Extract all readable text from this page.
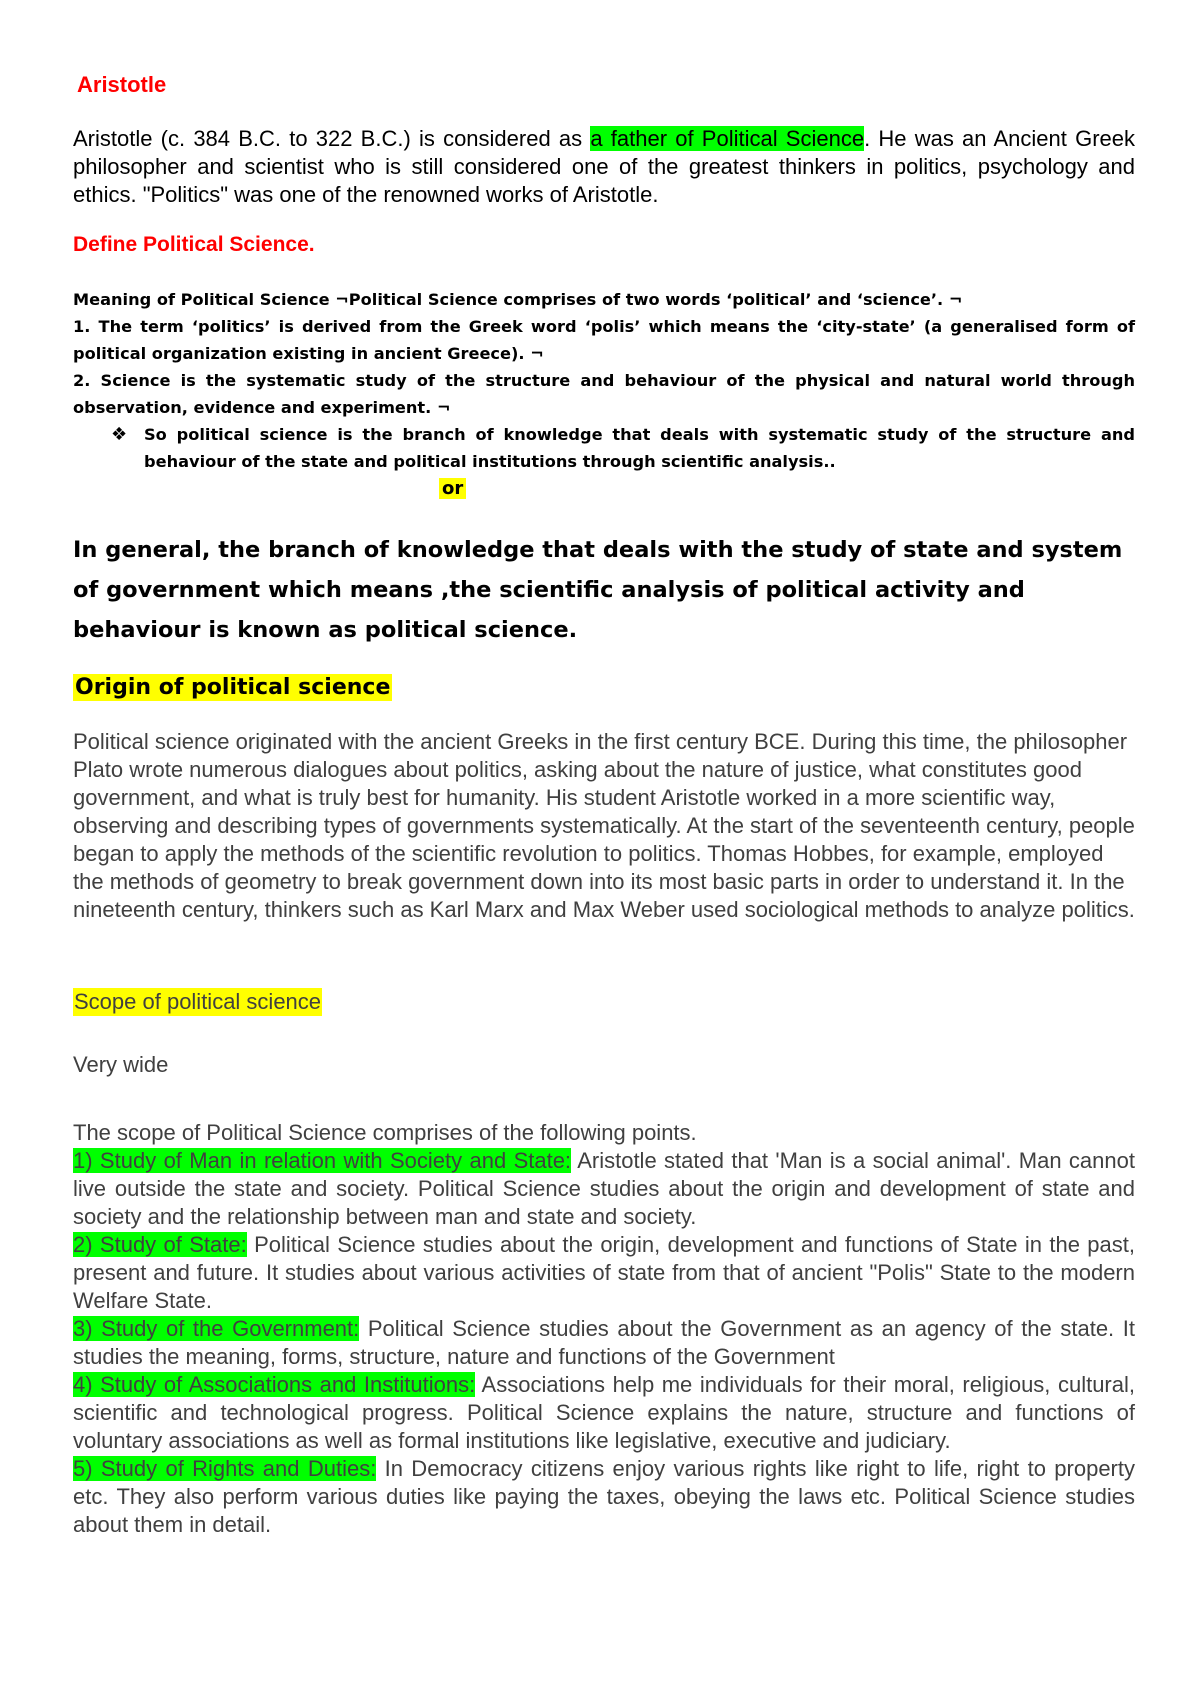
Aristotle

Aristotle (c. 384 B.C. to 322 B.C.) is considered as a father of Political Science. He was an Ancient Greek philosopher and scientist who is still considered one of the greatest thinkers in politics, psychology and ethics. "Politics" was one of the renowned works of Aristotle.

Define Political Science.
Meaning of Political Science ¬Political Science comprises of two words ‘political’ and ‘science’. ¬
1. The term ‘politics’ is derived from the Greek word ‘polis’ which means the ‘city-state’ (a generalised form of political organization existing in ancient Greece). ¬
2. Science is the systematic study of the structure and behaviour of the physical and natural world through observation, evidence and experiment. ¬
❖ So political science is the branch of knowledge that deals with systematic study of the structure and behaviour of the state and political institutions through scientific analysis..
or

In general, the branch of knowledge that deals with the study of state and system of government which means ,the scientific analysis of political activity and behaviour is known as political science.

Origin of political science

Political science originated with the ancient Greeks in the first century BCE. During this time, the philosopher Plato wrote numerous dialogues about politics, asking about the nature of justice, what constitutes good government, and what is truly best for humanity. His student Aristotle worked in a more scientific way, observing and describing types of governments systematically. At the start of the seventeenth century, people began to apply the methods of the scientific revolution to politics. Thomas Hobbes, for example, employed the methods of geometry to break government down into its most basic parts in order to understand it. In the nineteenth century, thinkers such as Karl Marx and Max Weber used sociological methods to analyze politics.

Scope of political science
Very wide

The scope of Political Science comprises of the following points.

1) Study of Man in relation with Society and State: Aristotle stated that 'Man is a social animal'. Man cannot live outside the state and society. Political Science studies about the origin and development of state and society and the relationship between man and state and society.
2) Study of State: Political Science studies about the origin, development and functions of State in the past, present and future. It studies about various activities of state from that of ancient "Polis" State to the modern Welfare State.
3) Study of the Government: Political Science studies about the Government as an agency of the state. It studies the meaning, forms, structure, nature and functions of the Government
4) Study of Associations and Institutions: Associations help me individuals for their moral, religious, cultural, scientific and technological progress. Political Science explains the nature, structure and functions of voluntary associations as well as formal institutions like legislative, executive and judiciary.
5) Study of Rights and Duties: In Democracy citizens enjoy various rights like right to life, right to property etc. They also perform various duties like paying the taxes, obeying the laws etc. Political Science studies about them in detail.
